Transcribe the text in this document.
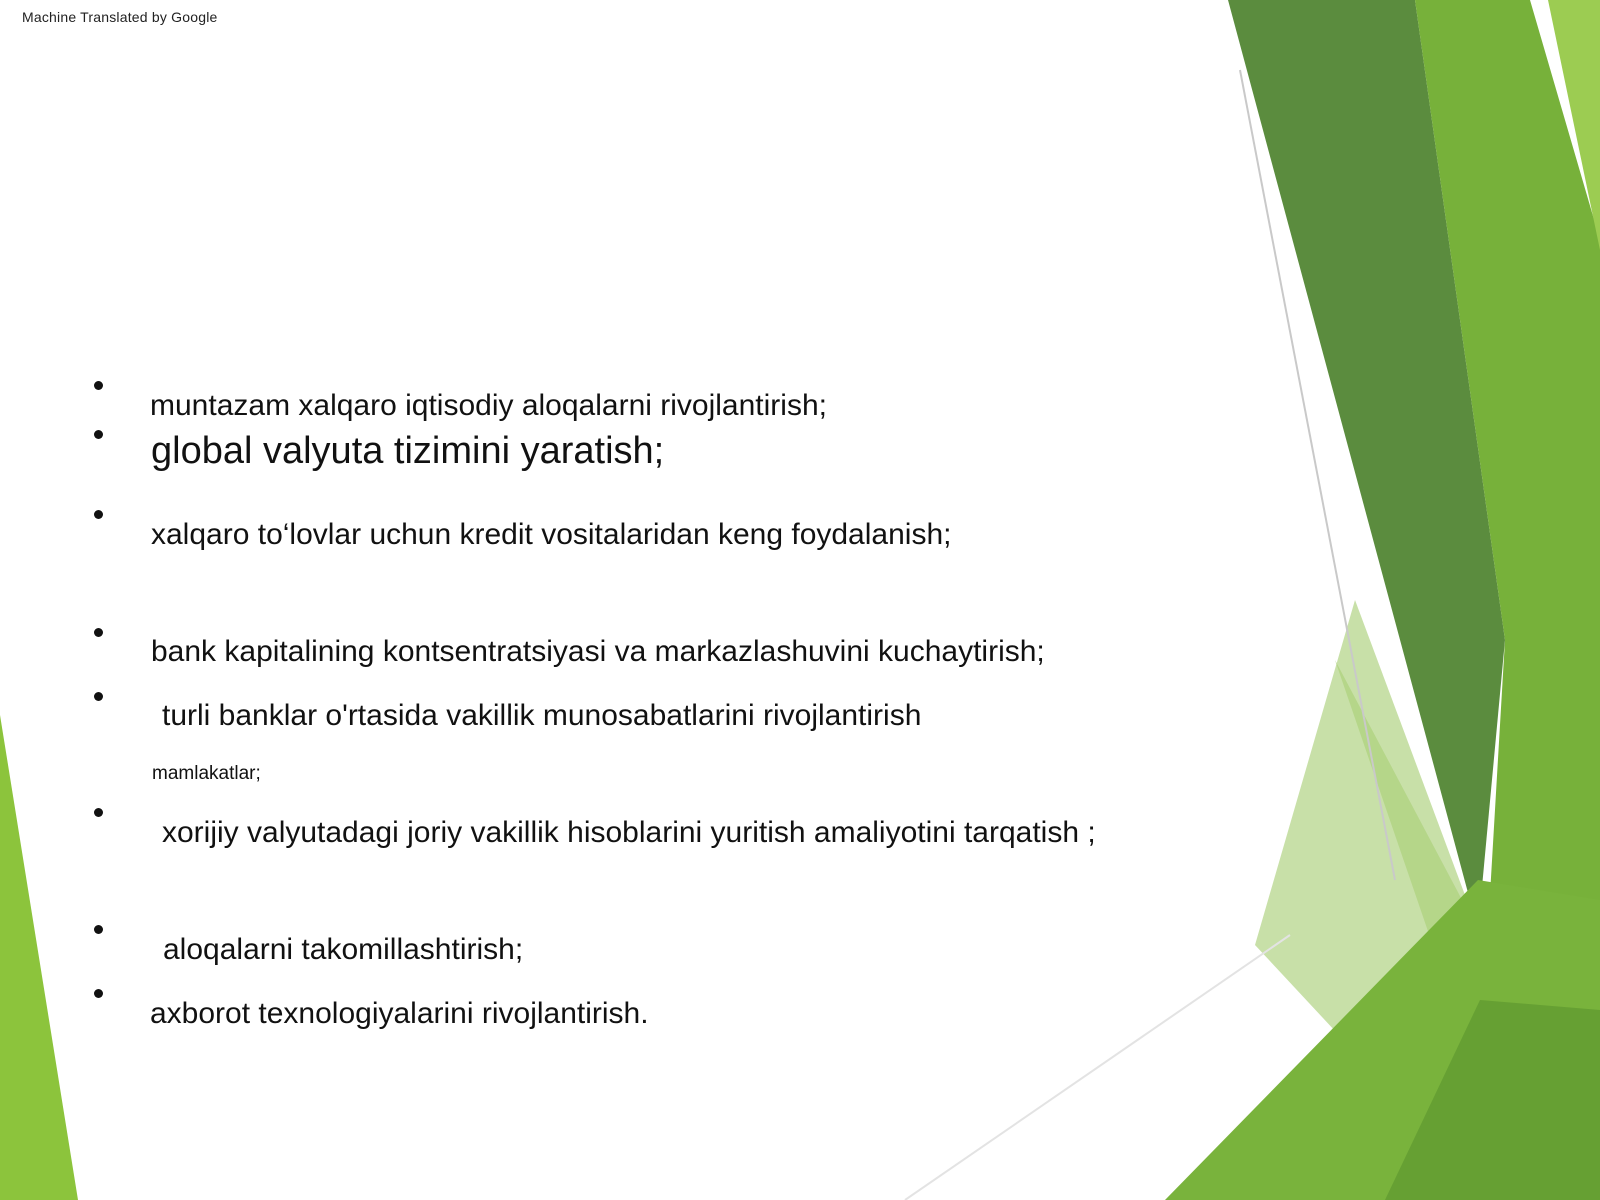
Machine Translated by Google
muntazam xalqaro iqtisodiy aloqalarni rivojlantirish;
global valyuta tizimini yaratish;
xalqaro to‘lovlar uchun kredit vositalaridan keng foydalanish;
bank kapitalining kontsentratsiyasi va markazlashuvini kuchaytirish;
turli banklar o'rtasida vakillik munosabatlarini rivojlantirish
mamlakatlar;
xorijiy valyutadagi joriy vakillik hisoblarini yuritish amaliyotini tarqatish ;
aloqalarni takomillashtirish;
axborot texnologiyalarini rivojlantirish.
